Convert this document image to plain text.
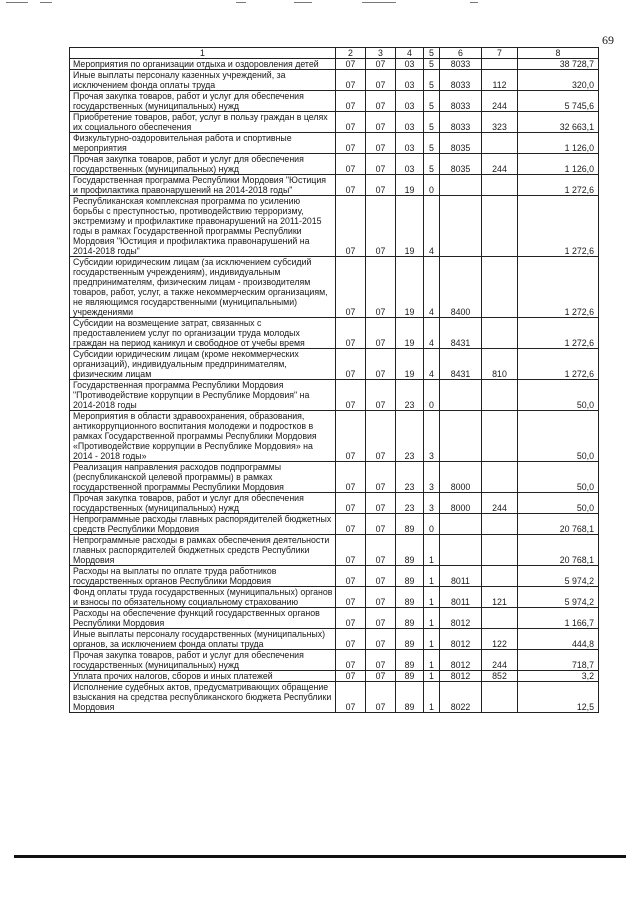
69
1	2	3	4	5	6	7	8
Мероприятия по организации отдыха и оздоровления детей	07	07	03	5	8033		38 728,7
Иные выплаты персоналу казенных учреждений, за исключением фонда оплаты труда	07	07	03	5	8033	112	320,0
Прочая закупка товаров, работ и услуг для обеспечения государственных (муниципальных) нужд	07	07	03	5	8033	244	5 745,6
Приобретение товаров, работ, услуг в пользу граждан в целях их социального обеспечения	07	07	03	5	8033	323	32 663,1
Физкультурно-оздоровительная работа и спортивные мероприятия	07	07	03	5	8035		1 126,0
Прочая закупка товаров, работ и услуг для обеспечения государственных (муниципальных) нужд	07	07	03	5	8035	244	1 126,0
Государственная программа Республики Мордовия "Юстиция и профилактика правонарушений на 2014-2018 годы"	07	07	19	0			1 272,6
Республиканская комплексная программа по усилению борьбы с преступностью, противодействию терроризму, экстремизму и профилактике правонарушений на 2011-2015 годы в рамках Государственной программы Республики Мордовия "Юстиция и профилактика правонарушений на 2014-2018 годы"	07	07	19	4			1 272,6
Субсидии юридическим лицам (за исключением субсидий государственным учреждениям), индивидуальным предпринимателям, физическим лицам - производителям товаров, работ, услуг, а также некоммерческим организациям, не являющимся государственными (муниципальными) учреждениями	07	07	19	4	8400		1 272,6
Субсидии на возмещение затрат, связанных с предоставлением услуг по организации труда молодых граждан на период каникул и свободное от учебы время	07	07	19	4	8431		1 272,6
Субсидии юридическим лицам (кроме некоммерческих организаций), индивидуальным предпринимателям, физическим лицам	07	07	19	4	8431	810	1 272,6
Государственная программа Республики Мордовия "Противодействие коррупции в Республике Мордовия" на 2014-2018 годы	07	07	23	0			50,0
Мероприятия в области здравоохранения, образования, антикоррупционного воспитания молодежи и подростков в рамках Государственной программы Республики Мордовия «Противодействие коррупции в Республике Мордовия» на 2014 - 2018 годы»	07	07	23	3			50,0
Реализация направления расходов подпрограммы (республиканской целевой программы) в рамках государственной программы Республики Мордовия	07	07	23	3	8000		50,0
Прочая закупка товаров, работ и услуг для обеспечения государственных (муниципальных) нужд	07	07	23	3	8000	244	50,0
Непрограммные расходы главных распорядителей бюджетных средств Республики Мордовия	07	07	89	0			20 768,1
Непрограммные расходы в рамках обеспечения деятельности главных распорядителей бюджетных средств Республики Мордовия	07	07	89	1			20 768,1
Расходы на выплаты по оплате труда работников государственных органов Республики Мордовия	07	07	89	1	8011		5 974,2
Фонд оплаты труда государственных (муниципальных) органов и взносы по обязательному социальному страхованию	07	07	89	1	8011	121	5 974,2
Расходы на обеспечение функций государственных органов Республики Мордовия	07	07	89	1	8012		1 166,7
Иные выплаты персоналу государственных (муниципальных) органов, за исключением фонда оплаты труда	07	07	89	1	8012	122	444,8
Прочая закупка товаров, работ и услуг для обеспечения государственных (муниципальных) нужд	07	07	89	1	8012	244	718,7
Уплата прочих налогов, сборов и иных платежей	07	07	89	1	8012	852	3,2
Исполнение судебных актов, предусматривающих обращение взыскания на средства республиканского бюджета Республики Мордовия	07	07	89	1	8022		12,5
